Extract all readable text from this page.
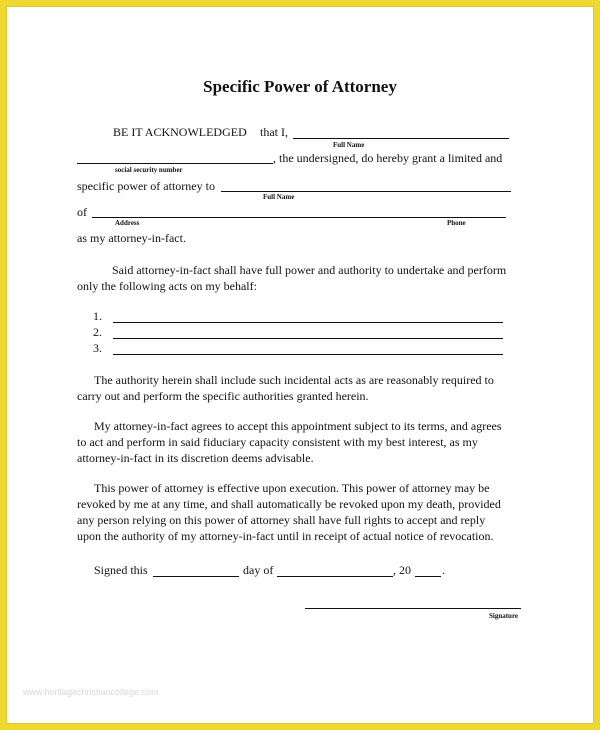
Specific Power of Attorney
BE IT ACKNOWLEDGED that I,
Full Name
, the undersigned, do hereby grant a limited and
social security number
specific power of attorney to
Full Name
of
Address	Phone
as my attorney-in-fact.
Said attorney-in-fact shall have full power and authority to undertake and perform
only the following acts on my behalf:
1.
2.
3.
The authority herein shall include such incidental acts as are reasonably required to
carry out and perform the specific authorities granted herein.
My attorney-in-fact agrees to accept this appointment subject to its terms, and agrees
to act and perform in said fiduciary capacity consistent with my best interest, as my
attorney-in-fact in its discretion deems advisable.
This power of attorney is effective upon execution. This power of attorney may be
revoked by me at any time, and shall automatically be revoked upon my death, provided
any person relying on this power of attorney shall have full rights to accept and reply
upon the authority of my attorney-in-fact until in receipt of actual notice of revocation.
Signed this	day of	, 20	.
Signature
www.heritagechristiancollege.com
